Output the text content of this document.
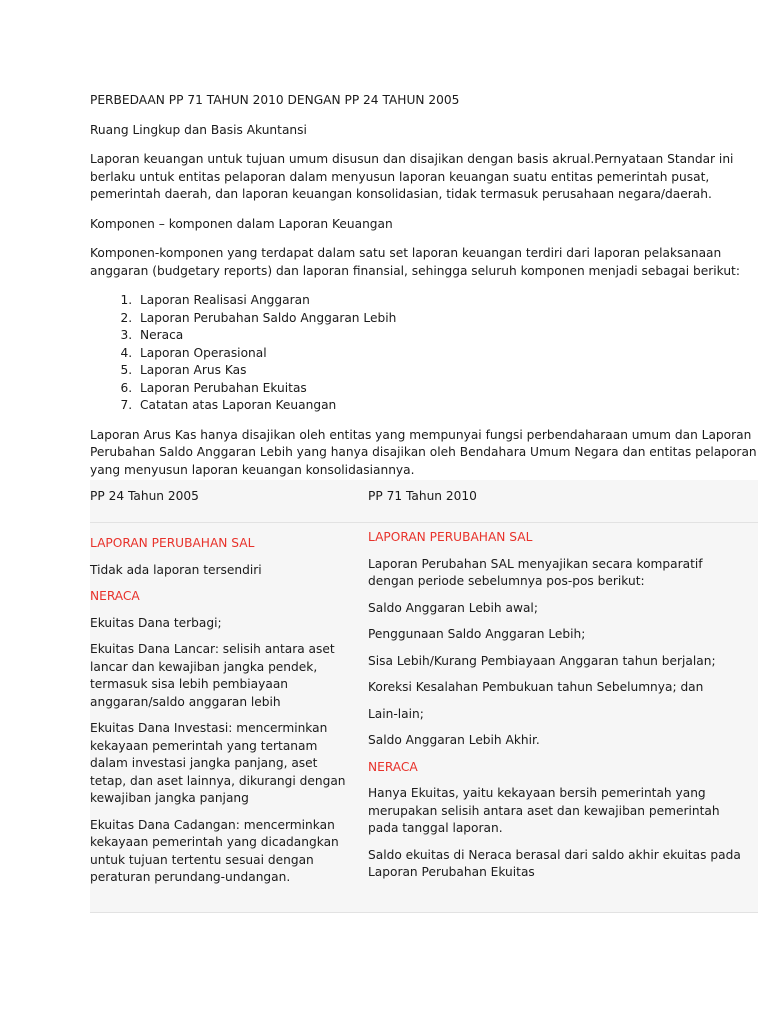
PERBEDAAN PP 71 TAHUN 2010 DENGAN PP 24 TAHUN 2005

Ruang Lingkup dan Basis Akuntansi

Laporan keuangan untuk tujuan umum disusun dan disajikan dengan basis akrual.Pernyataan Standar ini berlaku untuk entitas pelaporan dalam menyusun laporan keuangan suatu entitas pemerintah pusat, pemerintah daerah, dan laporan keuangan konsolidasian, tidak termasuk perusahaan negara/daerah.

Komponen – komponen dalam Laporan Keuangan

Komponen-komponen yang terdapat dalam satu set laporan keuangan terdiri dari laporan pelaksanaan anggaran (budgetary reports) dan laporan finansial, sehingga seluruh komponen menjadi sebagai berikut:

1. Laporan Realisasi Anggaran
2. Laporan Perubahan Saldo Anggaran Lebih
3. Neraca
4. Laporan Operasional
5. Laporan Arus Kas
6. Laporan Perubahan Ekuitas
7. Catatan atas Laporan Keuangan

Laporan Arus Kas hanya disajikan oleh entitas yang mempunyai fungsi perbendaharaan umum dan Laporan Perubahan Saldo Anggaran Lebih yang hanya disajikan oleh Bendahara Umum Negara dan entitas pelaporan yang menyusun laporan keuangan konsolidasiannya.

PP 24 Tahun 2005	PP 71 Tahun 2010

LAPORAN PERUBAHAN SAL

Tidak ada laporan tersendiri

NERACA

Ekuitas Dana terbagi;

Ekuitas Dana Lancar: selisih antara aset lancar dan kewajiban jangka pendek, termasuk sisa lebih pembiayaan anggaran/saldo anggaran lebih

Ekuitas Dana Investasi: mencerminkan kekayaan pemerintah yang tertanam dalam investasi jangka panjang, aset tetap, dan aset lainnya, dikurangi dengan kewajiban jangka panjang

Ekuitas Dana Cadangan: mencerminkan kekayaan pemerintah yang dicadangkan untuk tujuan tertentu sesuai dengan peraturan perundang-undangan.

LAPORAN PERUBAHAN SAL

Laporan Perubahan SAL menyajikan secara komparatif dengan periode sebelumnya pos-pos berikut:

Saldo Anggaran Lebih awal;

Penggunaan Saldo Anggaran Lebih;

Sisa Lebih/Kurang Pembiayaan Anggaran tahun berjalan;

Koreksi Kesalahan Pembukuan tahun Sebelumnya; dan

Lain-lain;

Saldo Anggaran Lebih Akhir.

NERACA

Hanya Ekuitas, yaitu kekayaan bersih pemerintah yang merupakan selisih antara aset dan kewajiban pemerintah pada tanggal laporan.

Saldo ekuitas di Neraca berasal dari saldo akhir ekuitas pada Laporan Perubahan Ekuitas
